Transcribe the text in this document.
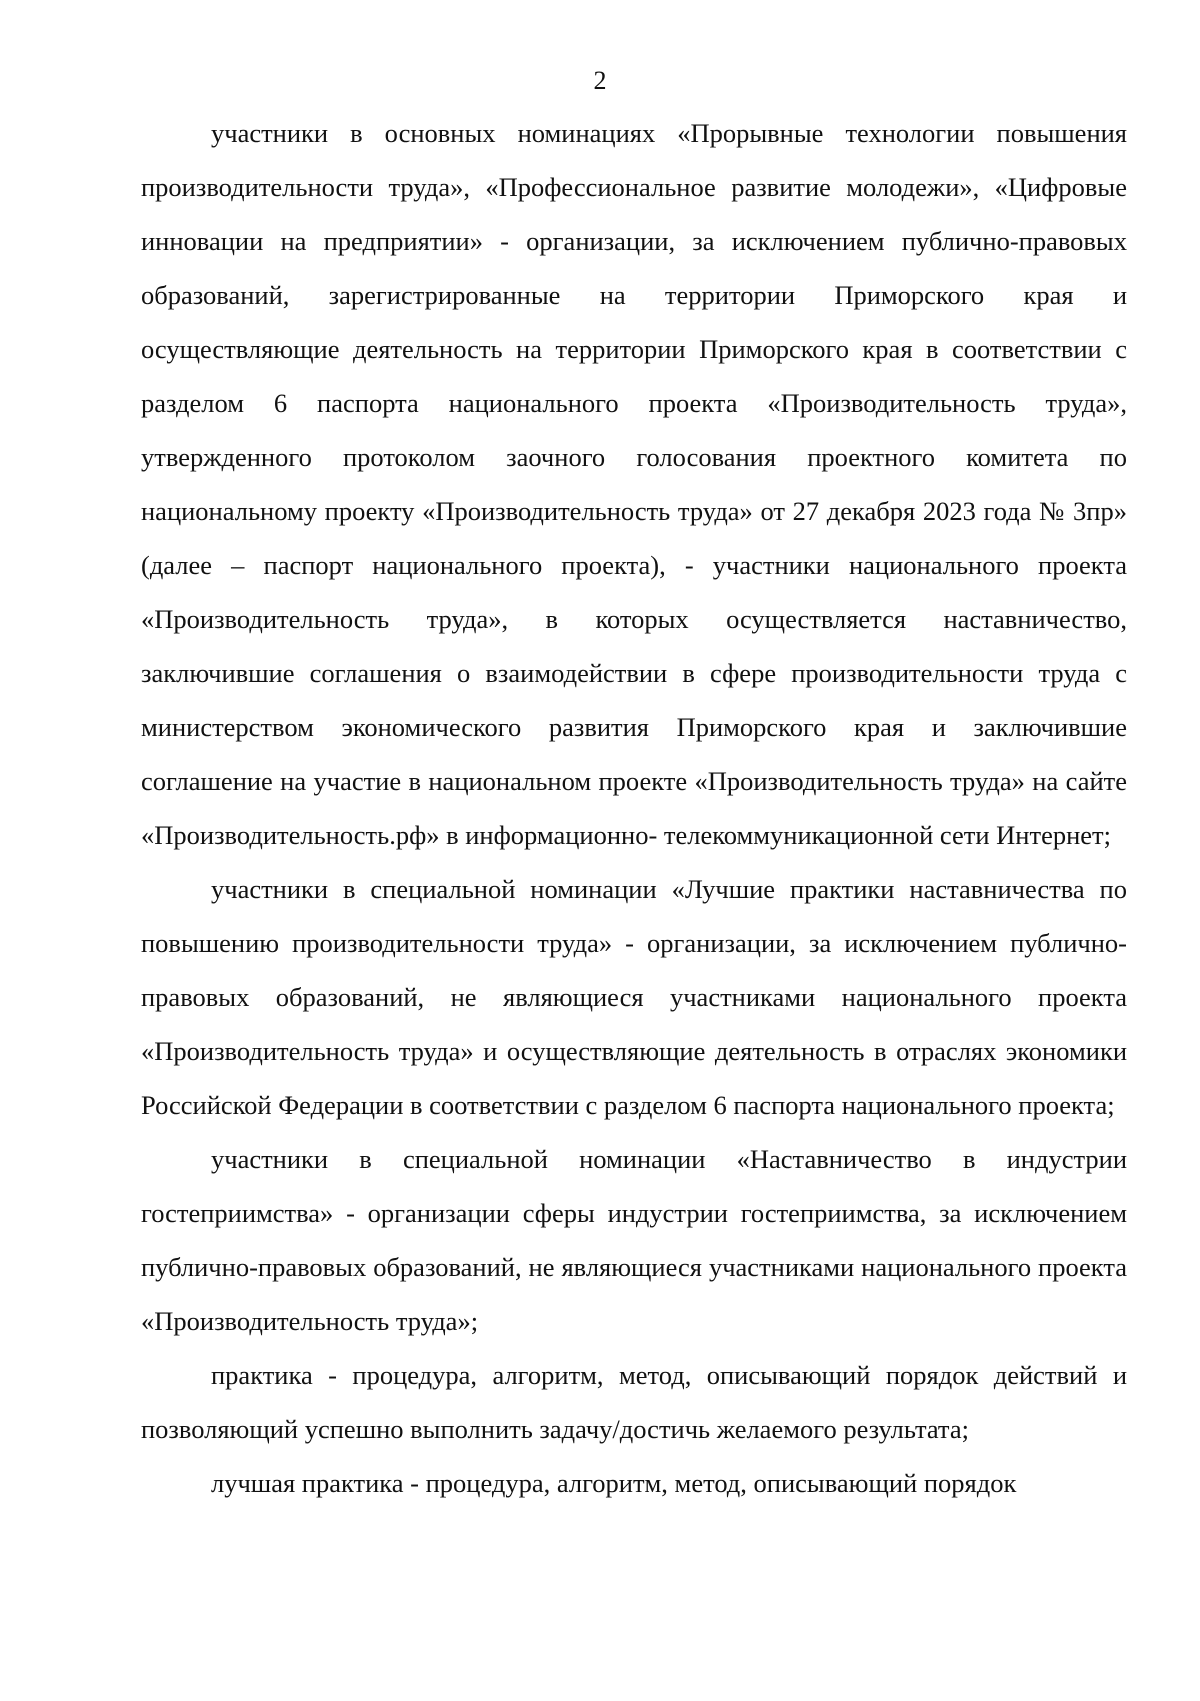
2

участники в основных номинациях «Прорывные технологии повышения производительности труда», «Профессиональное развитие молодежи», «Цифровые инновации на предприятии» - организации, за исключением публично-правовых образований, зарегистрированные на территории Приморского края и осуществляющие деятельность на территории Приморского края в соответствии с разделом 6 паспорта национального проекта «Производительность труда», утвержденного протоколом заочного голосования проектного комитета по национальному проекту «Производительность труда» от 27 декабря 2023 года № 3пр» (далее – паспорт национального проекта), - участники национального проекта «Производительность труда», в которых осуществляется наставничество, заключившие соглашения о взаимодействии в сфере производительности труда с министерством экономического развития Приморского края и заключившие соглашение на участие в национальном проекте «Производительность труда» на сайте «Производительность.рф» в информационно- телекоммуникационной сети Интернет;

участники в специальной номинации «Лучшие практики наставничества по повышению производительности труда» - организации, за исключением публично-правовых образований, не являющиеся участниками национального проекта «Производительность труда» и осуществляющие деятельность в отраслях экономики Российской Федерации в соответствии с разделом 6 паспорта национального проекта;

участники в специальной номинации «Наставничество в индустрии гостеприимства» - организации сферы индустрии гостеприимства, за исключением публично-правовых образований, не являющиеся участниками национального проекта «Производительность труда»;

практика - процедура, алгоритм, метод, описывающий порядок действий и позволяющий успешно выполнить задачу/достичь желаемого результата;

лучшая практика - процедура, алгоритм, метод, описывающий порядок
